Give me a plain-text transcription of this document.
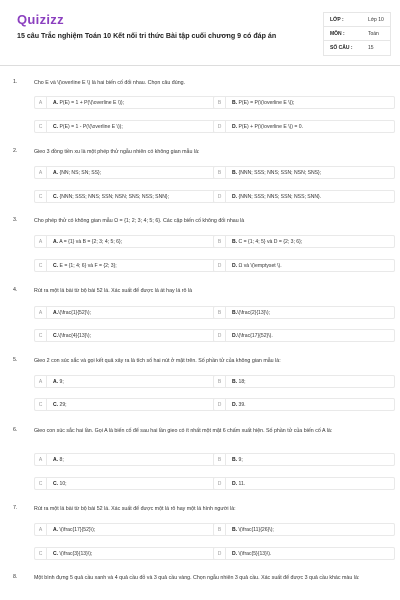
Quizizz
15 câu Trắc nghiệm Toán 10 Kết nối tri thức Bài tập cuối chương 9 có đáp án
LỚP :	Lớp 10
MÔN :	Toán
SỐ CÂU :	15
1.	Cho E và \(\overline E \) là hai biến cố đối nhau. Chọn câu đúng.
A	A. P(E) = 1 + P(\(\overline E \));	B	B. P(E) = P(\(\overline E \));
C	C. P(E) = 1 - P(\(\overline E \));	D	D. P(E) + P(\(\overline E \)) = 0.
2.	Gieo 3 đồng tiền xu là một phép thử ngẫu nhiên có không gian mẫu là:
A	A. {NN; NS; SN; SS};	B	B. {NNN; SSS; NNS; SSN; NSN; SNS};
C	C. {NNN; SSS; NNS; SSN; NSN; SNS; NSS; SNN};	D	D. {NNN; SSS; NNS; SSN; NSS; SNN}.
3.	Cho phép thử có không gian mẫu Ω = {1; 2; 3; 4; 5; 6}. Các cặp biến cố không đối nhau là
A	A. A = {1} và B = {2; 3; 4; 5; 6};	B	B. C = {1; 4; 5} và D = {2; 3; 6};
C	C. E = {1; 4; 6} và F = {2; 3};	D	D. Ω và \(\emptyset \).
4.	Rút ra một lá bài từ bộ bài 52 lá. Xác suất để được lá át hay lá rô là
A	A.\(\frac{1}{52}\);	B	B.\(\frac{2}{13}\);
C	C.\(\frac{4}{13}\);	D	D.\(\frac{17}{52}\).
5.	Gieo 2 con súc sắc và gọi kết quả xảy ra là tích số hai nút ở mặt trên. Số phần tử của không gian mẫu là:
A	A. 9;	B	B. 18;
C	C. 29;	D	D. 39.
6.	Gieo con súc sắc hai lần. Gọi A là biến cố để sau hai lần gieo có ít nhất một mặt 6 chấm xuất hiện. Số phần tử của biến cố A là:
A	A. 8;	B	B. 9;
C	C. 10;	D	D. 11.
7.	Rút ra một lá bài từ bộ bài 52 lá. Xác suất để được một lá rô hay một lá hình người là:
A	A. \(\frac{17}{52}\);	B	B. \(\frac{11}{26}\);
C	C. \(\frac{3}{13}\);	D	D. \(\frac{5}{13}\).
8.	Một bình đựng 5 quả cầu xanh và 4 quả cầu đỏ và 3 quả cầu vàng. Chọn ngẫu nhiên 3 quả cầu. Xác suất để được 3 quả cầu khác màu là:
